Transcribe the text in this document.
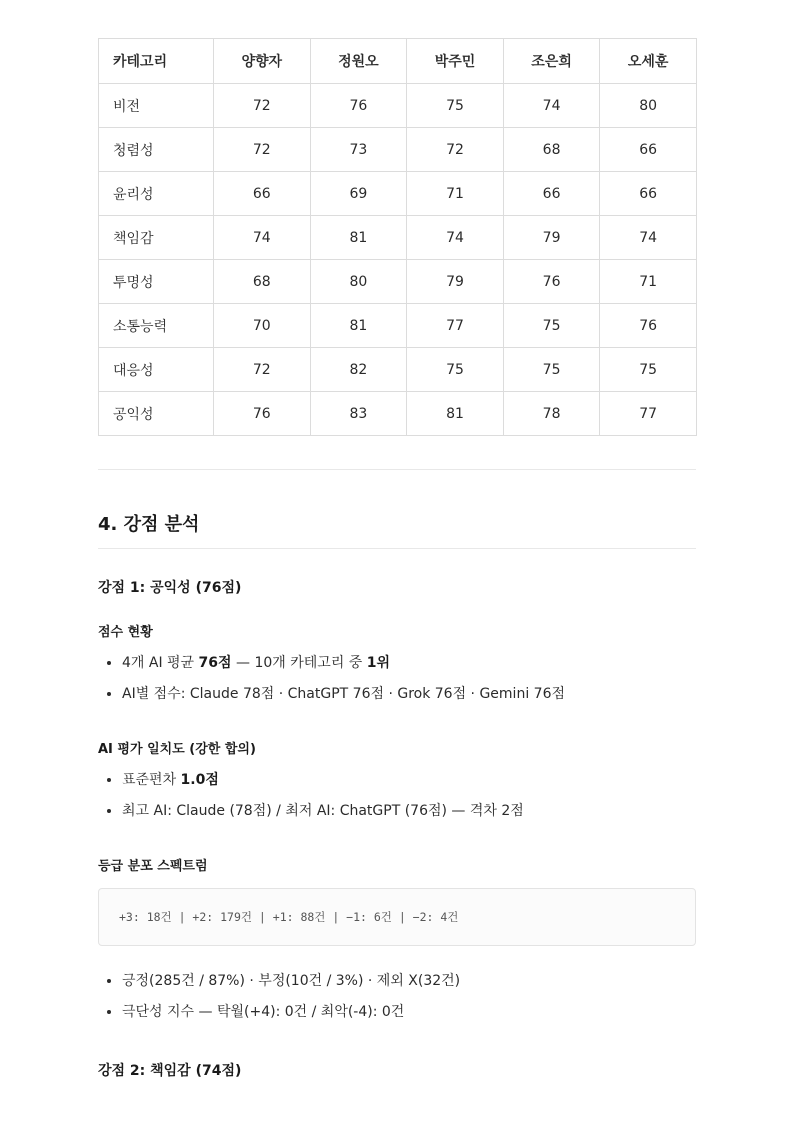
카테고리	양향자	정원오	박주민	조은희	오세훈
비전	72	76	75	74	80
청렴성	72	73	72	68	66
윤리성	66	69	71	66	66
책임감	74	81	74	79	74
투명성	68	80	79	76	71
소통능력	70	81	77	75	76
대응성	72	82	75	75	75
공익성	76	83	81	78	77
4. 강점 분석
강점 1: 공익성 (76점)
점수 현황
• 4개 AI 평균 76점 — 10개 카테고리 중 1위
• AI별 점수: Claude 78점 · ChatGPT 76점 · Grok 76점 · Gemini 76점
AI 평가 일치도 (강한 합의)
• 표준편차 1.0점
• 최고 AI: Claude (78점) / 최저 AI: ChatGPT (76점) — 격차 2점
등급 분포 스펙트럼
+3: 18건 | +2: 179건 | +1: 88건 | −1: 6건 | −2: 4건
• 긍정(285건 / 87%) · 부정(10건 / 3%) · 제외 X(32건)
• 극단성 지수 — 탁월(+4): 0건 / 최악(-4): 0건
강점 2: 책임감 (74점)
